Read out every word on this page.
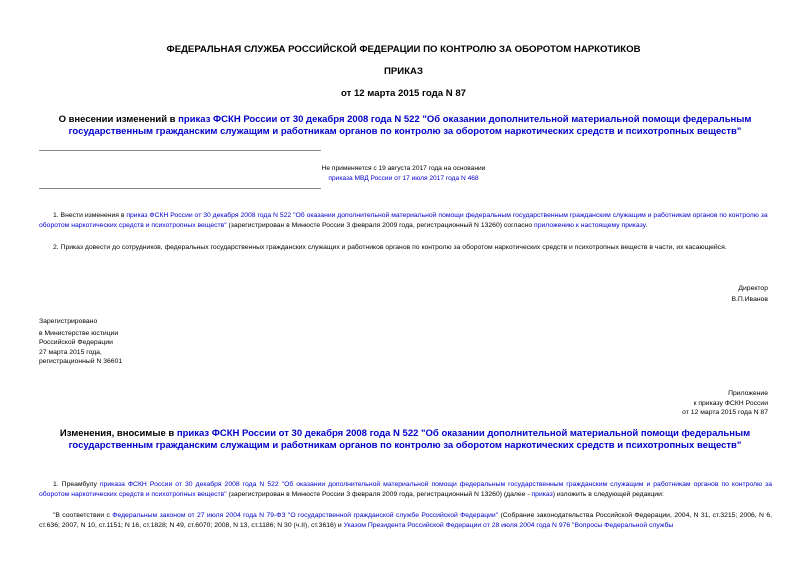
ФЕДЕРАЛЬНАЯ СЛУЖБА РОССИЙСКОЙ ФЕДЕРАЦИИ ПО КОНТРОЛЮ ЗА ОБОРОТОМ НАРКОТИКОВ
ПРИКАЗ
от 12 марта 2015 года N 87
О внесении изменений в приказ ФСКН России от 30 декабря 2008 года N 522 "Об оказании дополнительной материальной помощи федеральным государственным гражданским служащим и работникам органов по контролю за оборотом наркотических средств и психотропных веществ"
Не применяется с 19 августа 2017 года на основании
приказа МВД России от 17 июля 2017 года N 468
1. Внести изменения в приказ ФСКН России от 30 декабря 2008 года N 522 "Об оказании дополнительной материальной помощи федеральным государственным гражданским служащим и работникам органов по контролю за оборотом наркотических средств и психотропных веществ" (зарегистрирован в Минюсте России 3 февраля 2009 года, регистрационный N 13260) согласно приложению к настоящему приказу.
2. Приказ довести до сотрудников, федеральных государственных гражданских служащих и работников органов по контролю за оборотом наркотических средств и психотропных веществ в части, их касающейся.
Директор
В.П.Иванов
Зарегистрировано
в Министерстве юстиции
Российской Федерации
27 марта 2015 года,
регистрационный N 36601
Приложение
к приказу ФСКН России
от 12 марта 2015 года N 87
Изменения, вносимые в приказ ФСКН России от 30 декабря 2008 года N 522 "Об оказании дополнительной материальной помощи федеральным государственным гражданским служащим и работникам органов по контролю за оборотом наркотических средств и психотропных веществ"
1. Преамбулу приказа ФСКН России от 30 декабря 2008 года N 522 "Об оказании дополнительной материальной помощи федеральным государственным гражданским служащим и работникам органов по контролю за оборотом наркотических средств и психотропных веществ" (зарегистрирован в Минюсте России 3 февраля 2009 года, регистрационный N 13260) (далее - приказ) изложить в следующей редакции:
"В соответствии с Федеральным законом от 27 июля 2004 года N 79-ФЗ "О государственной гражданской службе Российской Федерации" (Собрание законодательства Российской Федерации, 2004, N 31, ст.3215; 2006, N 6, ст.636; 2007, N 10, ст.1151; N 16, ст.1828; N 49, ст.6070; 2008, N 13, ст.1186; N 30 (ч.II), ст.3616) и Указом Президента Российской Федерации от 28 июля 2004 года N 976 "Вопросы Федеральной службы
